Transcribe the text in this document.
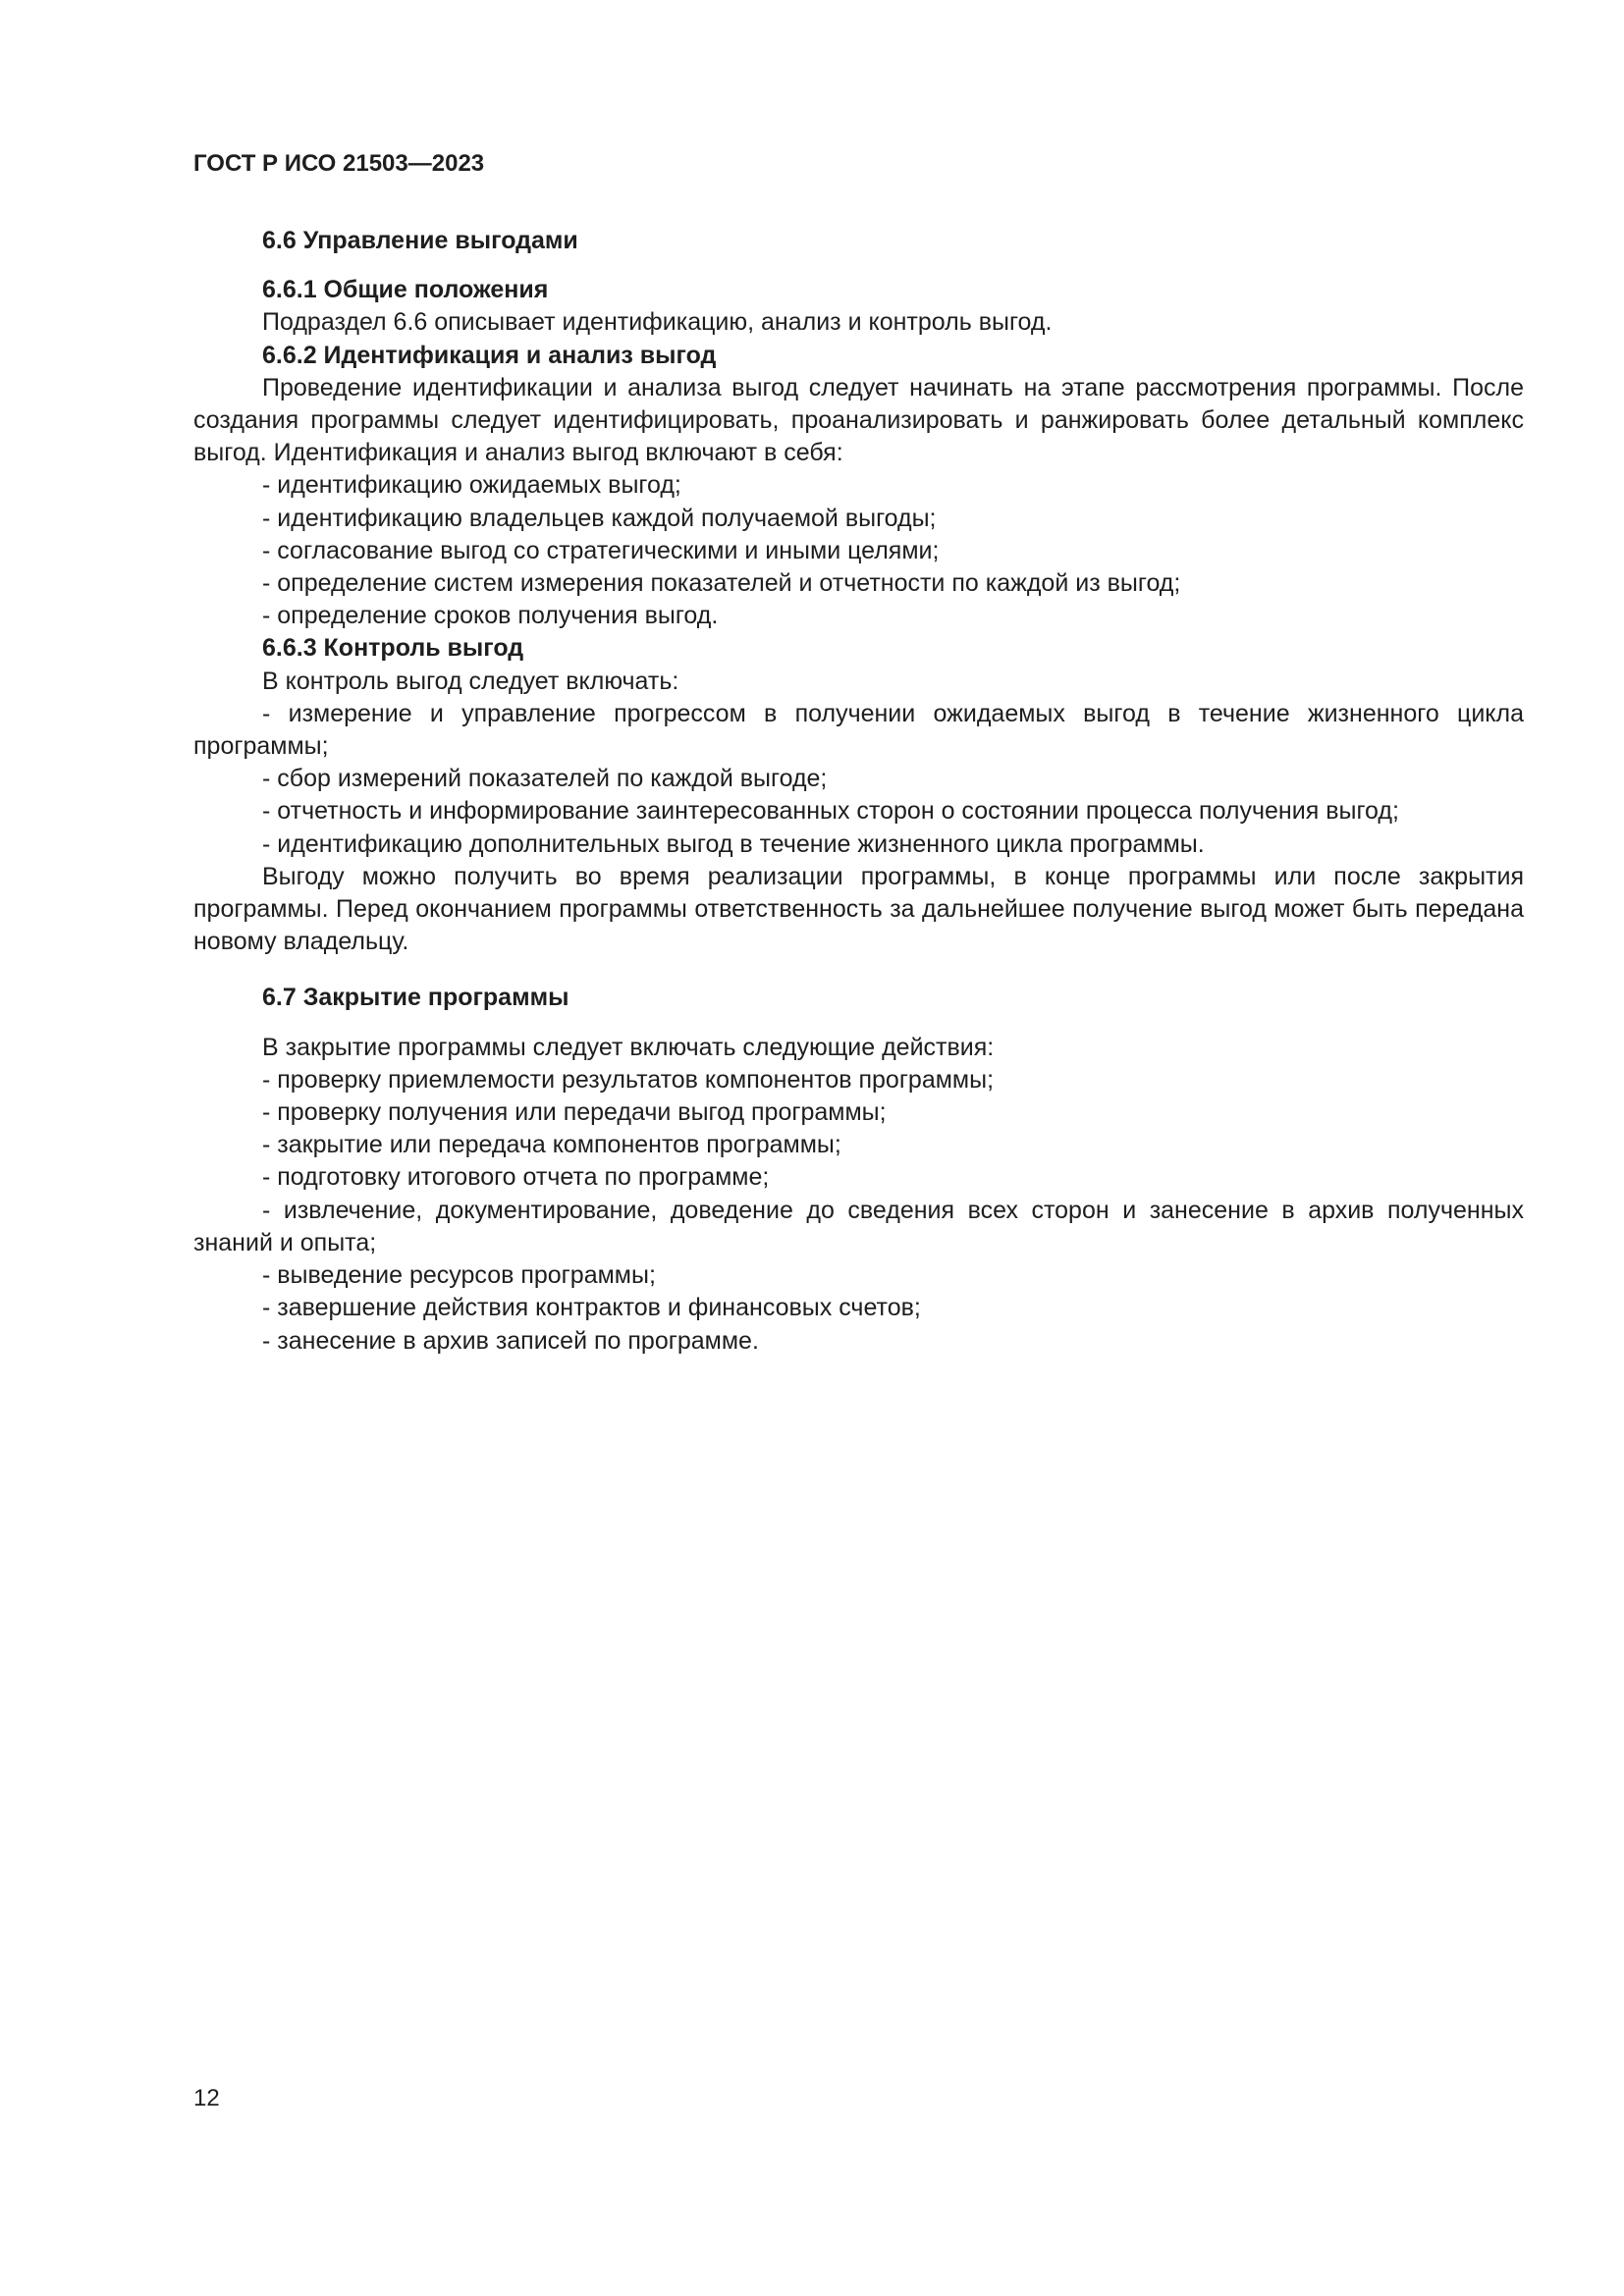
ГОСТ Р ИСО 21503—2023
6.6 Управление выгодами
6.6.1 Общие положения

Подраздел 6.6 описывает идентификацию, анализ и контроль выгод.

6.6.2 Идентификация и анализ выгод

Проведение идентификации и анализа выгод следует начинать на этапе рассмотрения программы. После создания программы следует идентифицировать, проанализировать и ранжировать более детальный комплекс выгод. Идентификация и анализ выгод включают в себя:

- идентификацию ожидаемых выгод;

- идентификацию владельцев каждой получаемой выгоды;

- согласование выгод со стратегическими и иными целями;

- определение систем измерения показателей и отчетности по каждой из выгод;

- определение сроков получения выгод.

6.6.3 Контроль выгод

В контроль выгод следует включать:

- измерение и управление прогрессом в получении ожидаемых выгод в течение жизненного цикла программы;

- сбор измерений показателей по каждой выгоде;

- отчетность и информирование заинтересованных сторон о состоянии процесса получения выгод;

- идентификацию дополнительных выгод в течение жизненного цикла программы.

Выгоду можно получить во время реализации программы, в конце программы или после закрытия программы. Перед окончанием программы ответственность за дальнейшее получение выгод может быть передана новому владельцу.

6.7 Закрытие программы

В закрытие программы следует включать следующие действия:

- проверку приемлемости результатов компонентов программы;

- проверку получения или передачи выгод программы;

- закрытие или передача компонентов программы;

- подготовку итогового отчета по программе;

- извлечение, документирование, доведение до сведения всех сторон и занесение в архив полученных знаний и опыта;

- выведение ресурсов программы;

- завершение действия контрактов и финансовых счетов;

- занесение в архив записей по программе.

12
